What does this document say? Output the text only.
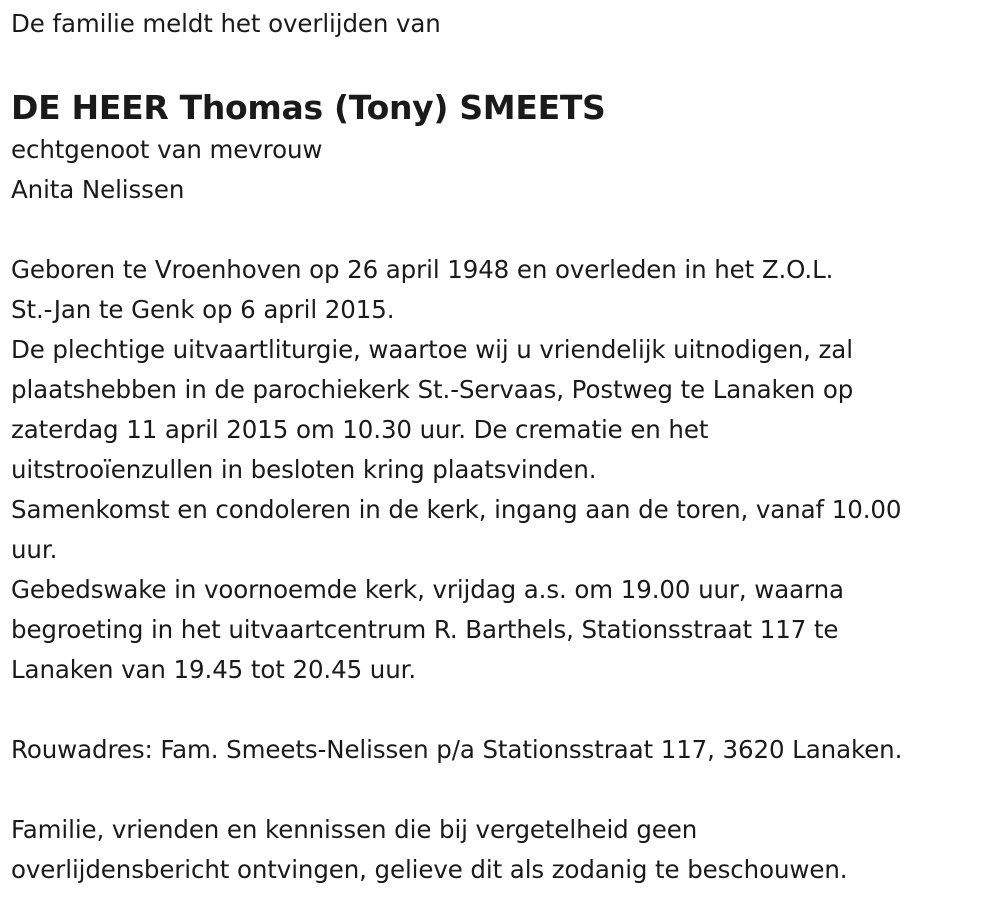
De familie meldt het overlijden van
DE HEER Thomas (Tony) SMEETS
echtgenoot van mevrouw
Anita Nelissen
Geboren te Vroenhoven op 26 april 1948 en overleden in het Z.O.L.
St.-Jan te Genk op 6 april 2015.
De plechtige uitvaartliturgie, waartoe wij u vriendelijk uitnodigen, zal
plaatshebben in de parochiekerk St.-Servaas, Postweg te Lanaken op
zaterdag 11 april 2015 om 10.30 uur. De crematie en het
uitstrooïenzullen in besloten kring plaatsvinden.
Samenkomst en condoleren in de kerk, ingang aan de toren, vanaf 10.00
uur.
Gebedswake in voornoemde kerk, vrijdag a.s. om 19.00 uur, waarna
begroeting in het uitvaartcentrum R. Barthels, Stationsstraat 117 te
Lanaken van 19.45 tot 20.45 uur.
Rouwadres: Fam. Smeets-Nelissen p/a Stationsstraat 117, 3620 Lanaken.
Familie, vrienden en kennissen die bij vergetelheid geen
overlijdensbericht ontvingen, gelieve dit als zodanig te beschouwen.
